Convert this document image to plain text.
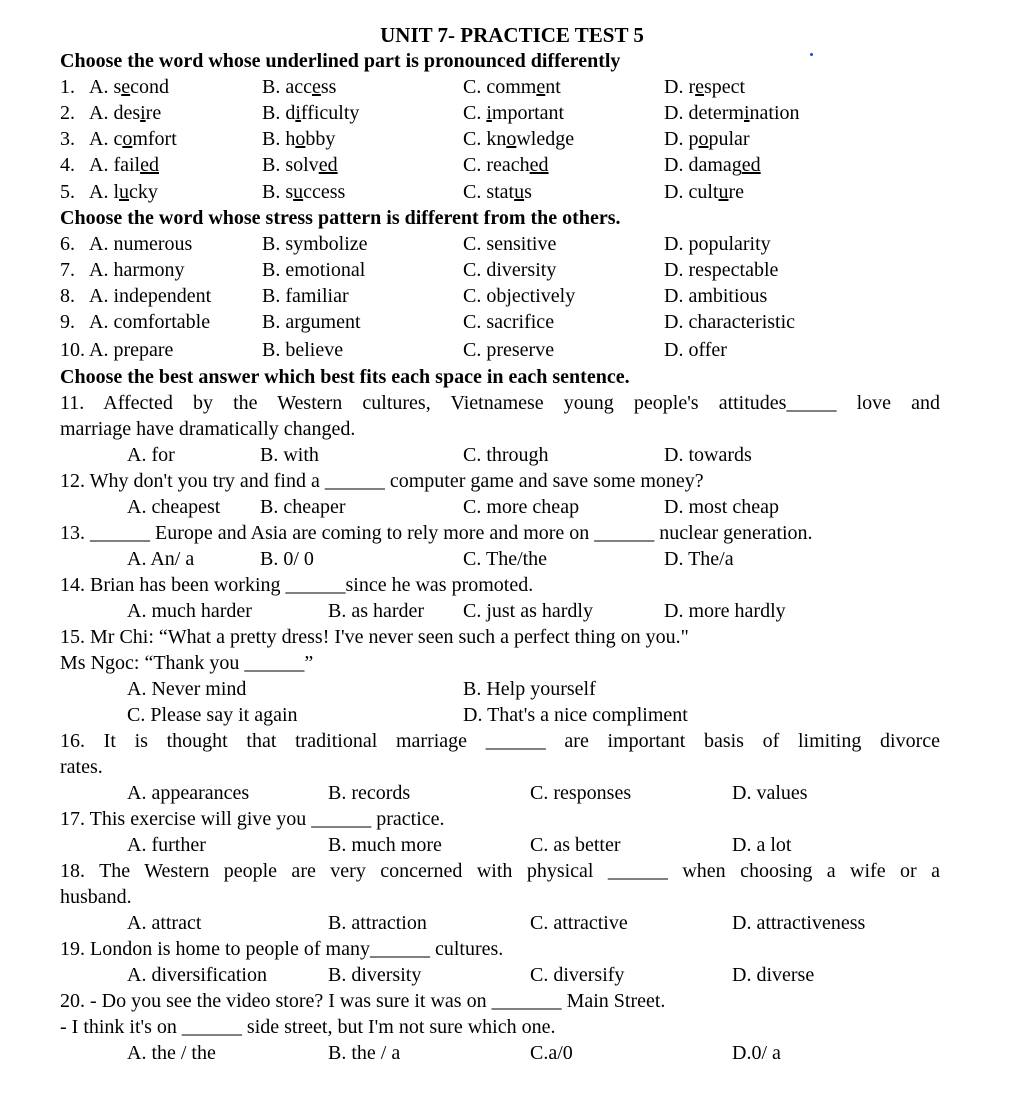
UNIT 7- PRACTICE TEST 5
Choose the word whose underlined part is pronounced differently
1. A. second	B. access	C. comment	D. respect
2. A. desire	B. difficulty	C. important	D. determination
3. A. comfort	B. hobby	C. knowledge	D. popular
4. A. failed	B. solved	C. reached	D. damaged
5. A. lucky	B. success	C. status	D. culture
Choose the word whose stress pattern is different from the others.
6. A. numerous	B. symbolize	C. sensitive	D. popularity
7. A. harmony	B. emotional	C. diversity	D. respectable
8. A. independent	B. familiar	C. objectively	D. ambitious
9. A. comfortable	B. argument	C. sacrifice	D. characteristic
10. A. prepare	B. believe	C. preserve	D. offer
Choose the best answer which best fits each space in each sentence.
11. Affected by the Western cultures, Vietnamese young people's attitudes_____ love and
marriage have dramatically changed.
A. for	B. with	C. through	D. towards
12. Why don't you try and find a ______ computer game and save some money?
A. cheapest B. cheaper	C. more cheap	D. most cheap
13. ______ Europe and Asia are coming to rely more and more on ______ nuclear generation.
A. An/ a	B. 0/ 0	C. The/the	D. The/a
14. Brian has been working ______since he was promoted.
A. much harder	B. as harder C. just as hardly	D. more hardly
15. Mr Chi: “What a pretty dress! I've never seen such a perfect thing on you."
Ms Ngoc: “Thank you ______”
A. Never mind	B. Help yourself
C. Please say it again	D. That's a nice compliment
16. It is thought that traditional marriage ______ are important basis of limiting divorce
rates.
A. appearances	B. records	C. responses	D. values
17. This exercise will give you ______ practice.
A. further	B. much more	C. as better	D. a lot
18. The Western people are very concerned with physical ______ when choosing a wife or a
husband.
A. attract	B. attraction	C. attractive	D. attractiveness
19. London is home to people of many______ cultures.
A. diversification	B. diversity	C. diversify	D. diverse
20. - Do you see the video store? I was sure it was on _______ Main Street.
- I think it's on ______ side street, but I'm not sure which one.
A. the / the	B. the / a	C.a/0	D.0/ a
